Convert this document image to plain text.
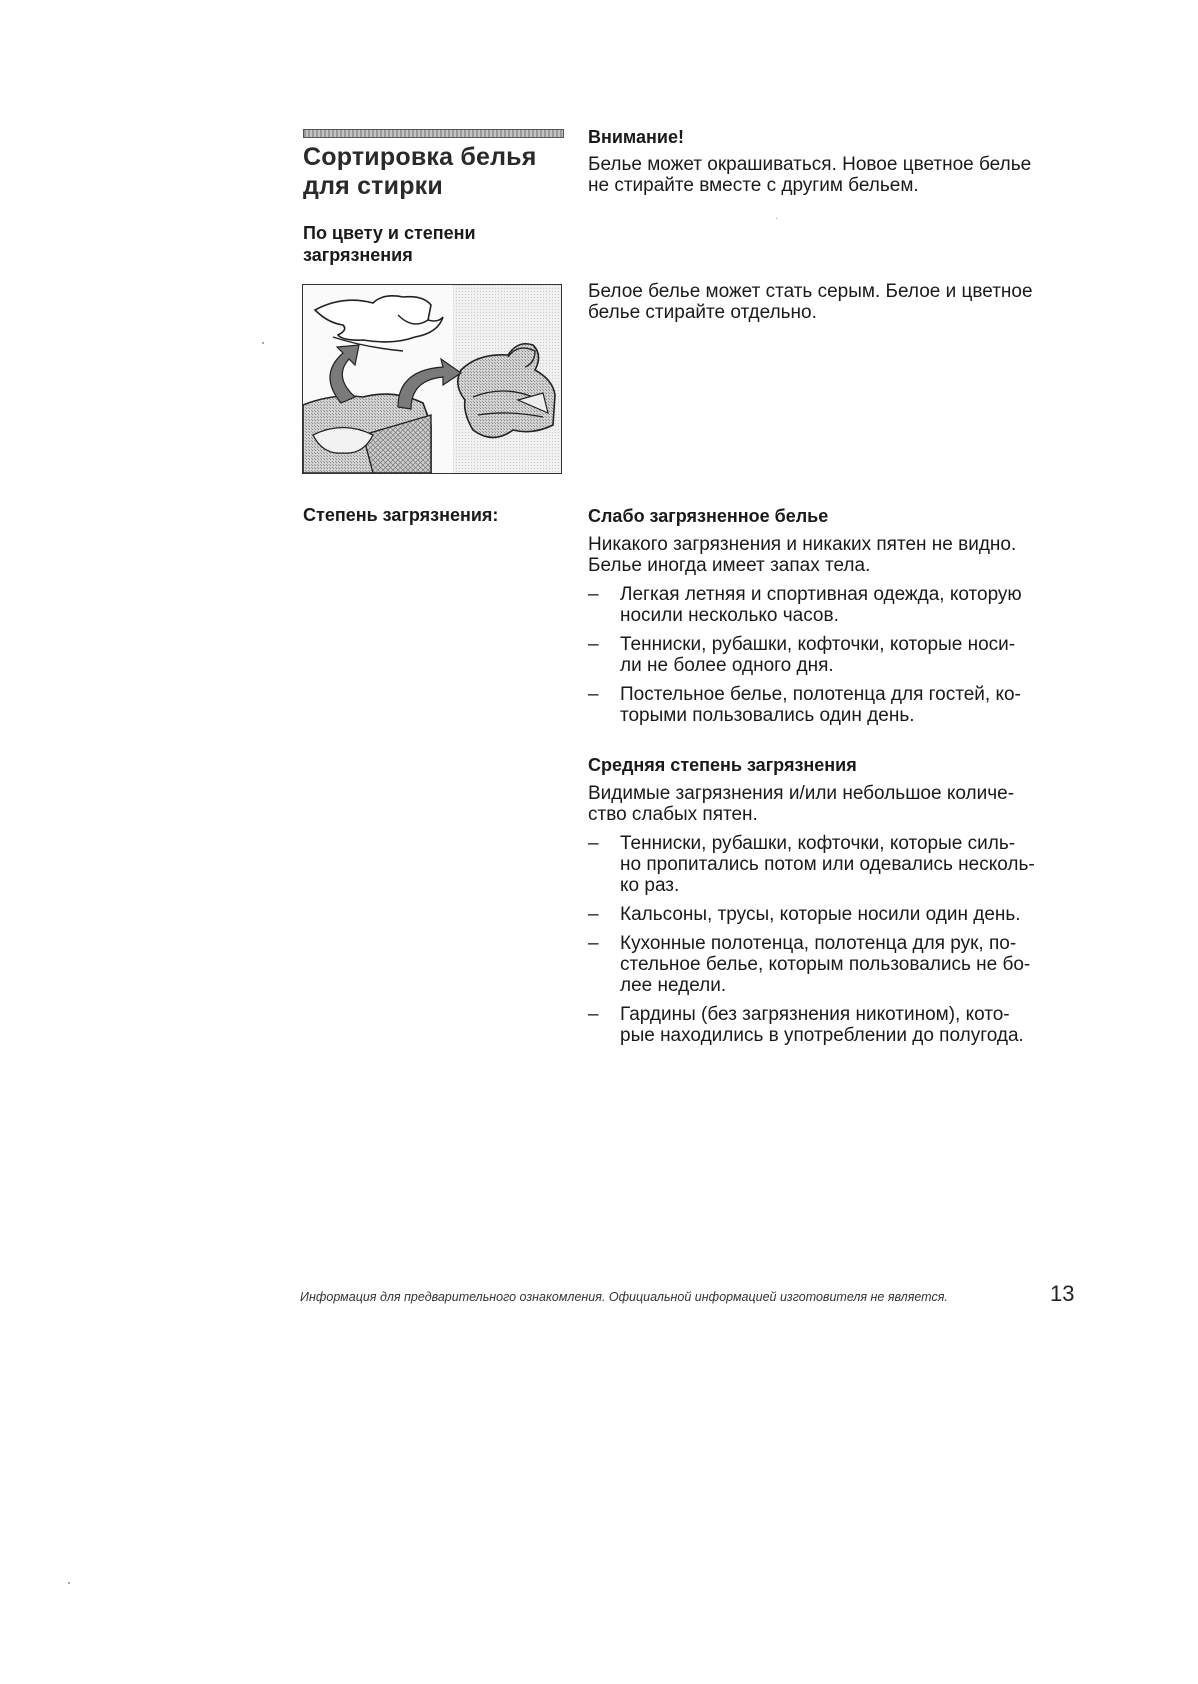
Сортировка белья
для стирки
По цвету и степени
загрязнения
Степень загрязнения:
Внимание!
Белье может окрашиваться. Новое цветное белье
не стирайте вместе с другим бельем.
Белое белье может стать серым. Белое и цветное
белье стирайте отдельно.
Слабо загрязненное белье
Никакого загрязнения и никаких пятен не видно.
Белье иногда имеет запах тела.
– Легкая летняя и спортивная одежда, которую
носили несколько часов.
– Тенниски, рубашки, кофточки, которые носи-
ли не более одного дня.
– Постельное белье, полотенца для гостей, ко-
торыми пользовались один день.
Средняя степень загрязнения
Видимые загрязнения и/или небольшое количе-
ство слабых пятен.
– Тенниски, рубашки, кофточки, которые силь-
но пропитались потом или одевались несколь-
ко раз.
– Кальсоны, трусы, которые носили один день.
– Кухонные полотенца, полотенца для рук, по-
стельное белье, которым пользовались не бо-
лее недели.
– Гардины (без загрязнения никотином), кото-
рые находились в употреблении до полугода.
Информация для предварительного ознакомления. Официальной информацией изготовителя не является.	13
